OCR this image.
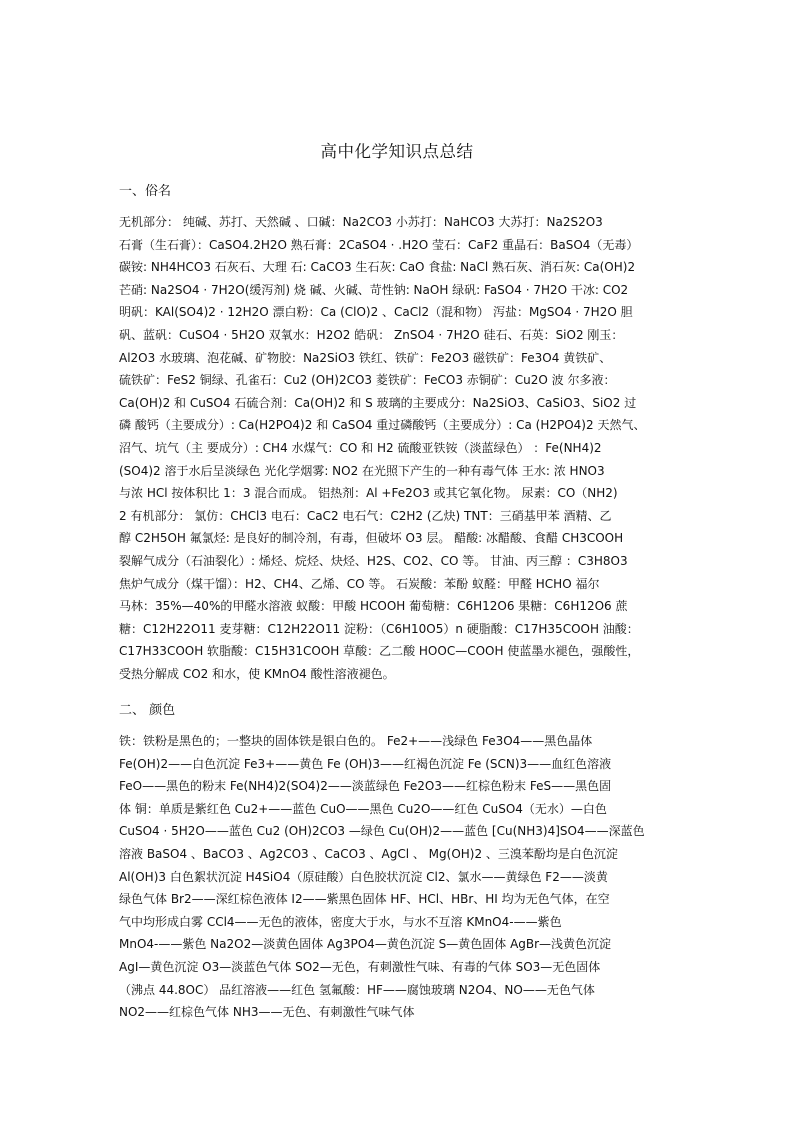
高中化学知识点总结
一、俗名
无机部分： 纯碱、苏打、天然碱 、口碱：Na2CO3 小苏打：NaHCO3 大苏打：Na2S2O3
石膏（生石膏）：CaSO4.2H2O 熟石膏：2CaSO4 · .H2O 莹石：CaF2 重晶石：BaSO4（无毒）
碳铵: NH4HCO3 石灰石、大理 石: CaCO3 生石灰: CaO 食盐: NaCl 熟石灰、消石灰: Ca(OH)2
芒硝: Na2SO4 · 7H2O(缓泻剂) 烧 碱、火碱、苛性钠: NaOH 绿矾: FaSO4 · 7H2O 干冰: CO2
明矾：KAl(SO4)2 · 12H2O 漂白粉：Ca (ClO)2 、CaCl2（混和物） 泻盐：MgSO4 · 7H2O 胆
矾、蓝矾：CuSO4 · 5H2O 双氧水：H2O2 皓矾： ZnSO4 · 7H2O 硅石、石英：SiO2 刚玉：
Al2O3 水玻璃、泡花碱、矿物胶：Na2SiO3 铁红、铁矿：Fe2O3 磁铁矿：Fe3O4 黄铁矿、
硫铁矿：FeS2 铜绿、孔雀石：Cu2 (OH)2CO3 菱铁矿：FeCO3 赤铜矿：Cu2O 波 尔多液：
Ca(OH)2 和 CuSO4 石硫合剂：Ca(OH)2 和 S 玻璃的主要成分：Na2SiO3、CaSiO3、SiO2 过
磷 酸钙（主要成分）: Ca(H2PO4)2 和 CaSO4 重过磷酸钙（主要成分）: Ca (H2PO4)2 天然气、
沼气、坑气（主 要成分）: CH4 水煤气：CO 和 H2 硫酸亚铁铵（淡蓝绿色） ：Fe(NH4)2
(SO4)2 溶于水后呈淡绿色 光化学烟雾: NO2 在光照下产生的一种有毒气体 王水: 浓 HNO3
与浓 HCl 按体积比 1：3 混合而成。 铝热剂：Al +Fe2O3 或其它氧化物。 尿素：CO（NH2)
2 有机部分： 氯仿：CHCl3 电石：CaC2 电石气：C2H2 (乙炔) TNT：三硝基甲苯 酒精、乙
醇 C2H5OH 氟氯烃: 是良好的制冷剂，有毒，但破坏 O3 层。 醋酸: 冰醋酸、食醋 CH3COOH
裂解气成分（石油裂化）: 烯烃、烷烃、炔烃、H2S、CO2、CO 等。 甘油、丙三醇 ：C3H8O3
焦炉气成分（煤干馏）：H2、CH4、乙烯、CO 等。 石炭酸：苯酚 蚁醛：甲醛 HCHO 福尔
马林：35%—40%的甲醛水溶液 蚁酸：甲酸 HCOOH 葡萄糖：C6H12O6 果糖：C6H12O6 蔗
糖：C12H22O11 麦芽糖：C12H22O11 淀粉：（C6H10O5）n 硬脂酸：C17H35COOH 油酸：
C17H33COOH 软脂酸：C15H31COOH 草酸：乙二酸 HOOC—COOH 使蓝墨水褪色，强酸性，
受热分解成 CO2 和水，使 KMnO4 酸性溶液褪色。
二、 颜色
铁：铁粉是黑色的；一整块的固体铁是银白色的。 Fe2+——浅绿色 Fe3O4——黑色晶体
Fe(OH)2——白色沉淀 Fe3+——黄色 Fe (OH)3——红褐色沉淀 Fe (SCN)3——血红色溶液
FeO——黑色的粉末 Fe(NH4)2(SO4)2——淡蓝绿色 Fe2O3——红棕色粉末 FeS——黑色固
体 铜：单质是紫红色 Cu2+——蓝色 CuO——黑色 Cu2O——红色 CuSO4（无水）—白色
CuSO4 · 5H2O——蓝色 Cu2 (OH)2CO3 —绿色 Cu(OH)2——蓝色 [Cu(NH3)4]SO4——深蓝色
溶液 BaSO4 、BaCO3 、Ag2CO3 、CaCO3 、AgCl 、 Mg(OH)2 、三溴苯酚均是白色沉淀
Al(OH)3 白色絮状沉淀 H4SiO4（原硅酸）白色胶状沉淀 Cl2、氯水——黄绿色 F2——淡黄
绿色气体 Br2——深红棕色液体 I2——紫黑色固体 HF、HCl、HBr、HI 均为无色气体，在空
气中均形成白雾 CCl4——无色的液体，密度大于水，与水不互溶 KMnO4-——紫色
MnO4-——紫色 Na2O2—淡黄色固体 Ag3PO4—黄色沉淀 S—黄色固体 AgBr—浅黄色沉淀
AgI—黄色沉淀 O3—淡蓝色气体 SO2—无色，有刺激性气味、有毒的气体 SO3—无色固体
（沸点 44.8OC） 品红溶液——红色 氢氟酸：HF——腐蚀玻璃 N2O4、NO——无色气体
NO2——红棕色气体 NH3——无色、有刺激性气味气体
